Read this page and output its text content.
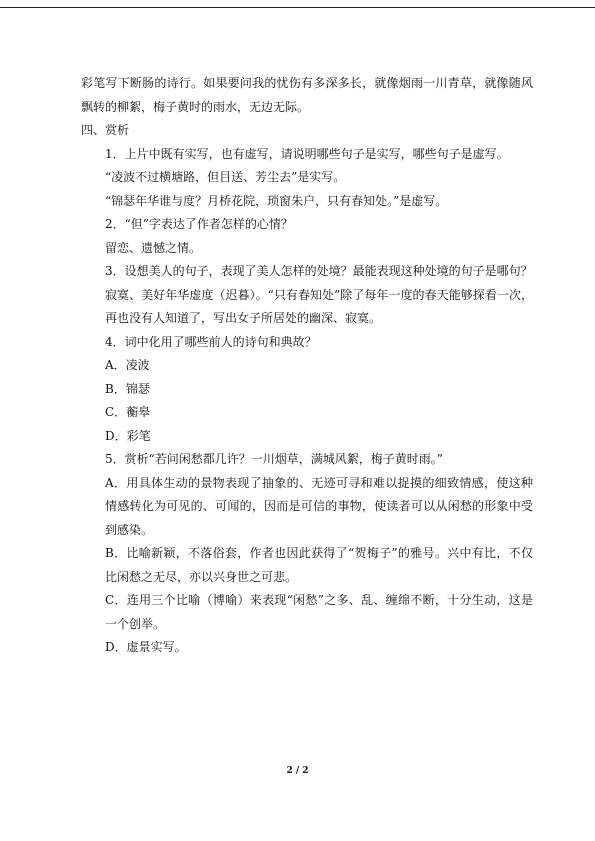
彩笔写下断肠的诗行。如果要问我的忧伤有多深多长，就像烟雨一川青草，就像随风飘转的柳絮，梅子黄时的雨水，无边无际。

四、赏析

1．上片中既有实写，也有虚写，请说明哪些句子是实写，哪些句子是虚写。

“凌波不过横塘路，但目送、芳尘去”是实写。

“锦瑟年华谁与度？月桥花院，琐窗朱户，只有春知处。”是虚写。

2．“但”字表达了作者怎样的心情？

留恋、遗憾之情。

3．设想美人的句子，表现了美人怎样的处境？最能表现这种处境的句子是哪句？

寂寞、美好年华虚度（迟暮）。“只有春知处”除了每年一度的春天能够探看一次，再也没有人知道了，写出女子所居处的幽深、寂寞。

4．词中化用了哪些前人的诗句和典故？

A．凌波

B．锦瑟

C．蘅皋

D．彩笔

5．赏析“若问闲愁都几许？一川烟草，满城风絮，梅子黄时雨。”

A．用具体生动的景物表现了抽象的、无迹可寻和难以捉摸的细致情感，使这种情感转化为可见的、可闻的，因而是可信的事物，使读者可以从闲愁的形象中受到感染。

B．比喻新颖，不落俗套，作者也因此获得了“贺梅子”的雅号。兴中有比，不仅比闲愁之无尽，亦以兴身世之可悲。

C．连用三个比喻（博喻）来表现“闲愁”之多、乱、缠绵不断，十分生动，这是一个创举。

D．虚景实写。

2 / 2
